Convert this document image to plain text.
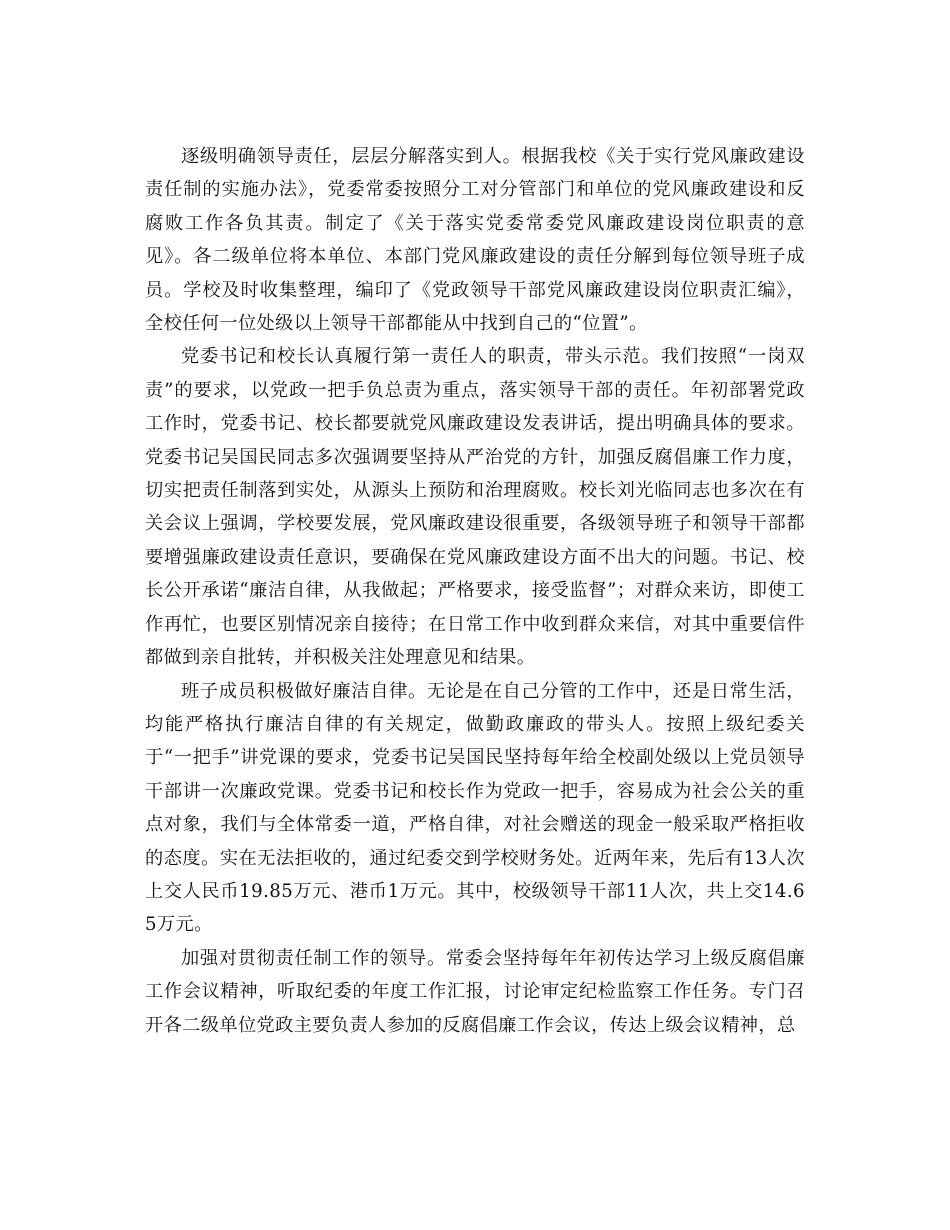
逐级明确领导责任，层层分解落实到人。根据我校《关于实行党风廉政建设责任制的实施办法》，党委常委按照分工对分管部门和单位的党风廉政建设和反腐败工作各负其责。制定了《关于落实党委常委党风廉政建设岗位职责的意见》。各二级单位将本单位、本部门党风廉政建设的责任分解到每位领导班子成员。学校及时收集整理，编印了《党政领导干部党风廉政建设岗位职责汇编》，全校任何一位处级以上领导干部都能从中找到自己的“位置”。

党委书记和校长认真履行第一责任人的职责，带头示范。我们按照“一岗双责”的要求，以党政一把手负总责为重点，落实领导干部的责任。年初部署党政工作时，党委书记、校长都要就党风廉政建设发表讲话，提出明确具体的要求。党委书记吴国民同志多次强调要坚持从严治党的方针，加强反腐倡廉工作力度，切实把责任制落到实处，从源头上预防和治理腐败。校长刘光临同志也多次在有关会议上强调，学校要发展，党风廉政建设很重要，各级领导班子和领导干部都要增强廉政建设责任意识，要确保在党风廉政建设方面不出大的问题。书记、校长公开承诺“廉洁自律，从我做起；严格要求，接受监督”；对群众来访，即使工作再忙，也要区别情况亲自接待；在日常工作中收到群众来信，对其中重要信件都做到亲自批转，并积极关注处理意见和结果。

班子成员积极做好廉洁自律。无论是在自己分管的工作中，还是日常生活，均能严格执行廉洁自律的有关规定，做勤政廉政的带头人。按照上级纪委关于“一把手”讲党课的要求，党委书记吴国民坚持每年给全校副处级以上党员领导干部讲一次廉政党课。党委书记和校长作为党政一把手，容易成为社会公关的重点对象，我们与全体常委一道，严格自律，对社会赠送的现金一般采取严格拒收的态度。实在无法拒收的，通过纪委交到学校财务处。近两年来，先后有13人次上交人民币19.85万元、港币1万元。其中，校级领导干部11人次，共上交14.65万元。

加强对贯彻责任制工作的领导。常委会坚持每年年初传达学习上级反腐倡廉工作会议精神，听取纪委的年度工作汇报，讨论审定纪检监察工作任务。专门召开各二级单位党政主要负责人参加的反腐倡廉工作会议，传达上级会议精神，总
